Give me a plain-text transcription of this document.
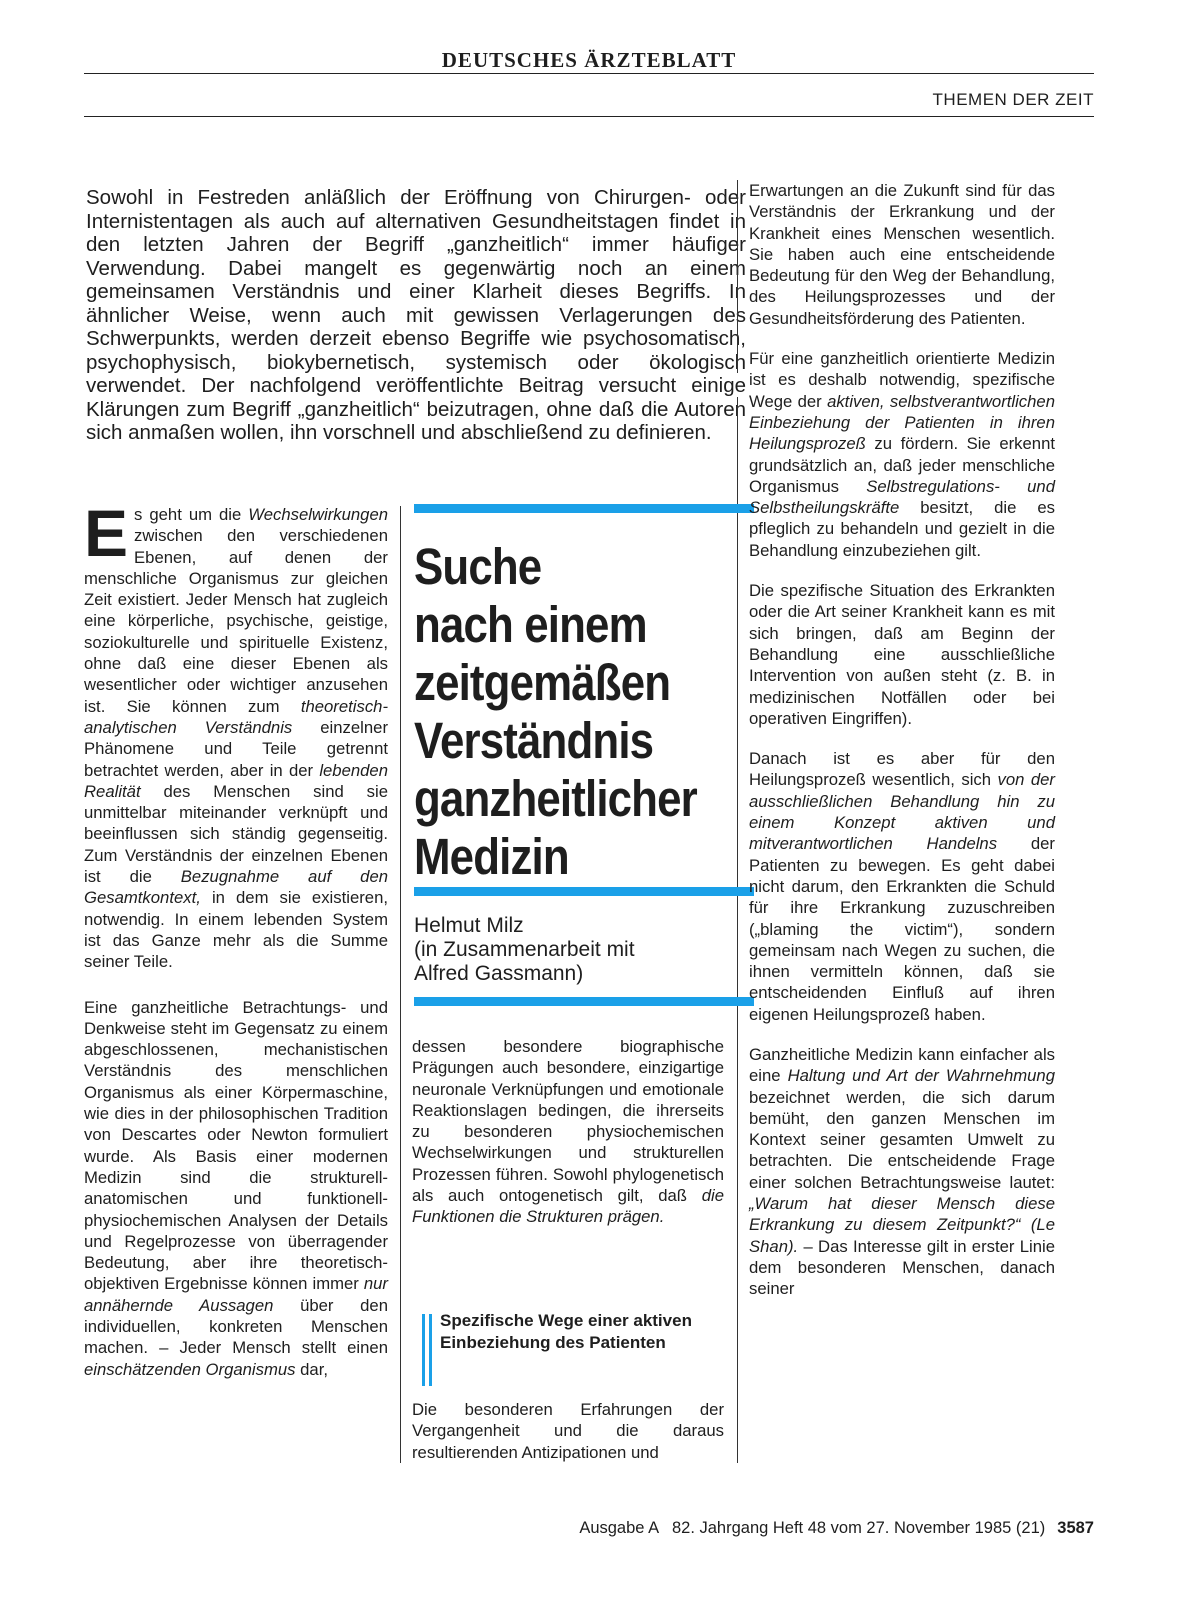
DEUTSCHES ÄRZTEBLATT
THEMEN DER ZEIT
Sowohl in Festreden anläßlich der Eröffnung von Chirurgen- oder Internistentagen als auch auf alternativen Gesundheitstagen findet in den letzten Jahren der Begriff „ganzheitlich“ immer häufiger Verwendung. Dabei mangelt es gegenwärtig noch an einem gemeinsamen Verständnis und einer Klarheit dieses Begriffs. In ähnlicher Weise, wenn auch mit gewissen Verlagerungen des Schwerpunkts, werden derzeit ebenso Begriffe wie psychosomatisch, psychophysisch, biokybernetisch, systemisch oder ökologisch verwendet. Der nachfolgend veröffentlichte Beitrag versucht einige Klärungen zum Begriff „ganzheitlich“ beizutragen, ohne daß die Autoren sich anmaßen wollen, ihn vorschnell und abschließend zu definieren.

E s geht um die Wechselwirkungen zwischen den verschiedenen Ebenen, auf denen der menschliche Organismus zur gleichen Zeit existiert. Jeder Mensch hat zugleich eine körperliche, psychische, geistige, soziokulturelle und spirituelle Existenz, ohne daß eine dieser Ebenen als wesentlicher oder wichtiger anzusehen ist. Sie können zum theoretisch-analytischen Verständnis einzelner Phänomene und Teile getrennt betrachtet werden, aber in der lebenden Realität des Menschen sind sie unmittelbar miteinander verknüpft und beeinflussen sich ständig gegenseitig. Zum Verständnis der einzelnen Ebenen ist die Bezugnahme auf den Gesamtkontext, in dem sie existieren, notwendig. In einem lebenden System ist das Ganze mehr als die Summe seiner Teile.

Eine ganzheitliche Betrachtungs- und Denkweise steht im Gegensatz zu einem abgeschlossenen, mechanistischen Verständnis des menschlichen Organismus als einer Körpermaschine, wie dies in der philosophischen Tradition von Descartes oder Newton formuliert wurde. Als Basis einer modernen Medizin sind die strukturell-anatomischen und funktionell-physiochemischen Analysen der Details und Regelprozesse von überragender Bedeutung, aber ihre theoretisch-objektiven Ergebnisse können immer nur annähernde Aussagen über den individuellen, konkreten Menschen machen. – Jeder Mensch stellt einen einschätzenden Organismus dar,

Suche
nach einem
zeitgemäßen
Verständnis
ganzheitlicher
Medizin
Helmut Milz
(in Zusammenarbeit mit
Alfred Gassmann)

dessen besondere biographische Prägungen auch besondere, einzigartige neuronale Verknüpfungen und emotionale Reaktionslagen bedingen, die ihrerseits zu besonderen physiochemischen Wechselwirkungen und strukturellen Prozessen führen. Sowohl phylogenetisch als auch ontogenetisch gilt, daß die Funktionen die Strukturen prägen.

Spezifische Wege einer aktiven Einbeziehung des Patienten

Die besonderen Erfahrungen der Vergangenheit und die daraus resultierenden Antizipationen und

Erwartungen an die Zukunft sind für das Verständnis der Erkrankung und der Krankheit eines Menschen wesentlich. Sie haben auch eine entscheidende Bedeutung für den Weg der Behandlung, des Heilungsprozesses und der Gesundheitsförderung des Patienten.

Für eine ganzheitlich orientierte Medizin ist es deshalb notwendig, spezifische Wege der aktiven, selbstverantwortlichen Einbeziehung der Patienten in ihren Heilungsprozeß zu fördern. Sie erkennt grundsätzlich an, daß jeder menschliche Organismus Selbstregulations- und Selbstheilungskräfte besitzt, die es pfleglich zu behandeln und gezielt in die Behandlung einzubeziehen gilt.

Die spezifische Situation des Erkrankten oder die Art seiner Krankheit kann es mit sich bringen, daß am Beginn der Behandlung eine ausschließliche Intervention von außen steht (z. B. in medizinischen Notfällen oder bei operativen Eingriffen).

Danach ist es aber für den Heilungsprozeß wesentlich, sich von der ausschließlichen Behandlung hin zu einem Konzept aktiven und mitverantwortlichen Handelns der Patienten zu bewegen. Es geht dabei nicht darum, den Erkrankten die Schuld für ihre Erkrankung zuzuschreiben („blaming the victim“), sondern gemeinsam nach Wegen zu suchen, die ihnen vermitteln können, daß sie entscheidenden Einfluß auf ihren eigenen Heilungsprozeß haben.

Ganzheitliche Medizin kann einfacher als eine Haltung und Art der Wahrnehmung bezeichnet werden, die sich darum bemüht, den ganzen Menschen im Kontext seiner gesamten Umwelt zu betrachten. Die entscheidende Frage einer solchen Betrachtungsweise lautet: „Warum hat dieser Mensch diese Erkrankung zu diesem Zeitpunkt?“ (Le Shan). – Das Interesse gilt in erster Linie dem besonderen Menschen, danach seiner

Ausgabe A   82. Jahrgang Heft 48 vom 27. November 1985 (21) 3587
